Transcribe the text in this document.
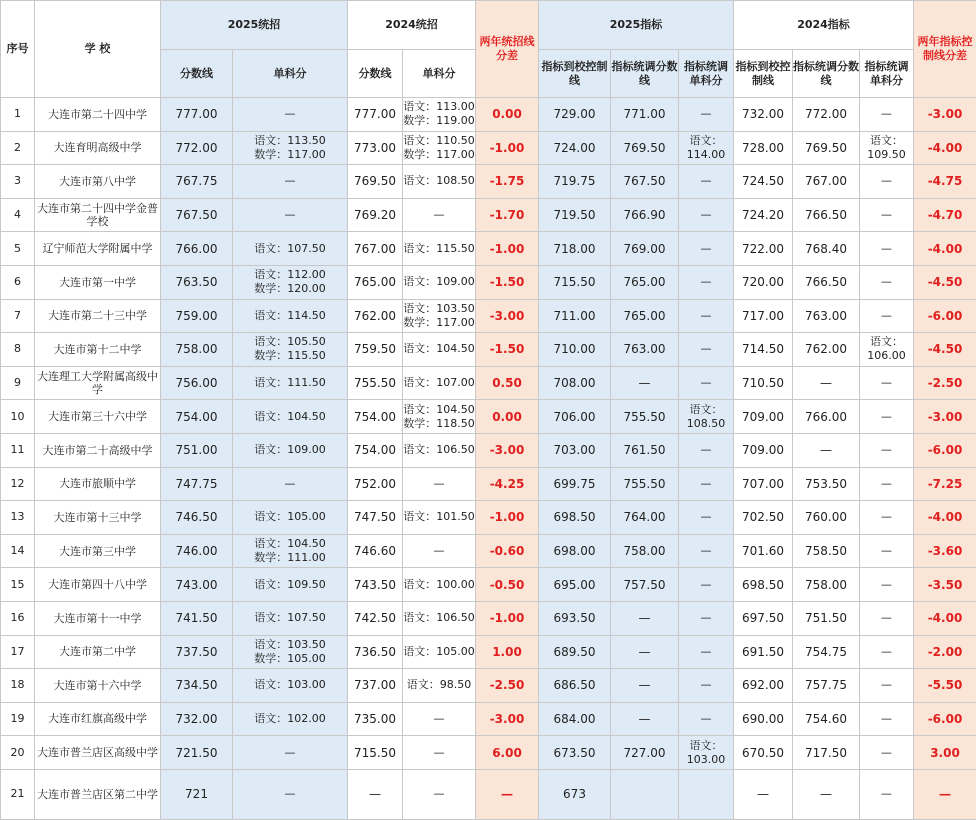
序号	学 校	2025统招		2024统招		两年统招线分差	2025指标			2024指标			两年指标控制线分差
		分数线	单科分	分数线	单科分		指标到校控制线	指标统调分数线	指标统调单科分	指标到校控制线	指标统调分数线	指标统调单科分	
1	大连市第二十四中学	777.00	—	777.00	语文：113.00
数学：119.00	0.00	729.00	771.00	—	732.00	772.00	—	-3.00
2	大连育明高级中学	772.00	语文：113.50
数学：117.00	773.00	语文：110.50
数学：117.00	-1.00	724.00	769.50	语文：
114.00	728.00	769.50	语文：
109.50	-4.00
3	大连市第八中学	767.75	—	769.50	语文：108.50	-1.75	719.75	767.50	—	724.50	767.00	—	-4.75
4	大连市第二十四中学金普学校	767.50	—	769.20	—	-1.70	719.50	766.90	—	724.20	766.50	—	-4.70
5	辽宁师范大学附属中学	766.00	语文：107.50	767.00	语文：115.50	-1.00	718.00	769.00	—	722.00	768.40	—	-4.00
6	大连市第一中学	763.50	语文：112.00
数学：120.00	765.00	语文：109.00	-1.50	715.50	765.00	—	720.00	766.50	—	-4.50
7	大连市第二十三中学	759.00	语文：114.50	762.00	语文：103.50
数学：117.00	-3.00	711.00	765.00	—	717.00	763.00	—	-6.00
8	大连市第十二中学	758.00	语文：105.50
数学：115.50	759.50	语文：104.50	-1.50	710.00	763.00	—	714.50	762.00	语文：
106.00	-4.50
9	大连理工大学附属高级中学	756.00	语文：111.50	755.50	语文：107.00	0.50	708.00	—	—	710.50	—	—	-2.50
10	大连市第三十六中学	754.00	语文：104.50	754.00	语文：104.50
数学：118.50	0.00	706.00	755.50	语文：
108.50	709.00	766.00	—	-3.00
11	大连市第二十高级中学	751.00	语文：109.00	754.00	语文：106.50	-3.00	703.00	761.50	—	709.00	—	—	-6.00
12	大连市旅顺中学	747.75	—	752.00	—	-4.25	699.75	755.50	—	707.00	753.50	—	-7.25
13	大连市第十三中学	746.50	语文：105.00	747.50	语文：101.50	-1.00	698.50	764.00	—	702.50	760.00	—	-4.00
14	大连市第三中学	746.00	语文：104.50
数学：111.00	746.60	—	-0.60	698.00	758.00	—	701.60	758.50	—	-3.60
15	大连市第四十八中学	743.00	语文：109.50	743.50	语文：100.00	-0.50	695.00	757.50	—	698.50	758.00	—	-3.50
16	大连市第十一中学	741.50	语文：107.50	742.50	语文：106.50	-1.00	693.50	—	—	697.50	751.50	—	-4.00
17	大连市第二中学	737.50	语文：103.50
数学：105.00	736.50	语文：105.00	1.00	689.50	—	—	691.50	754.75	—	-2.00
18	大连市第十六中学	734.50	语文：103.00	737.00	语文：98.50	-2.50	686.50	—	—	692.00	757.75	—	-5.50
19	大连市红旗高级中学	732.00	语文：102.00	735.00	—	-3.00	684.00	—	—	690.00	754.60	—	-6.00
20	大连市普兰店区高级中学	721.50	—	715.50	—	6.00	673.50	727.00	语文：
103.00	670.50	717.50	—	3.00
21	大连市普兰店区第二中学	721	—	—	—	—	673			—	—	—	—
